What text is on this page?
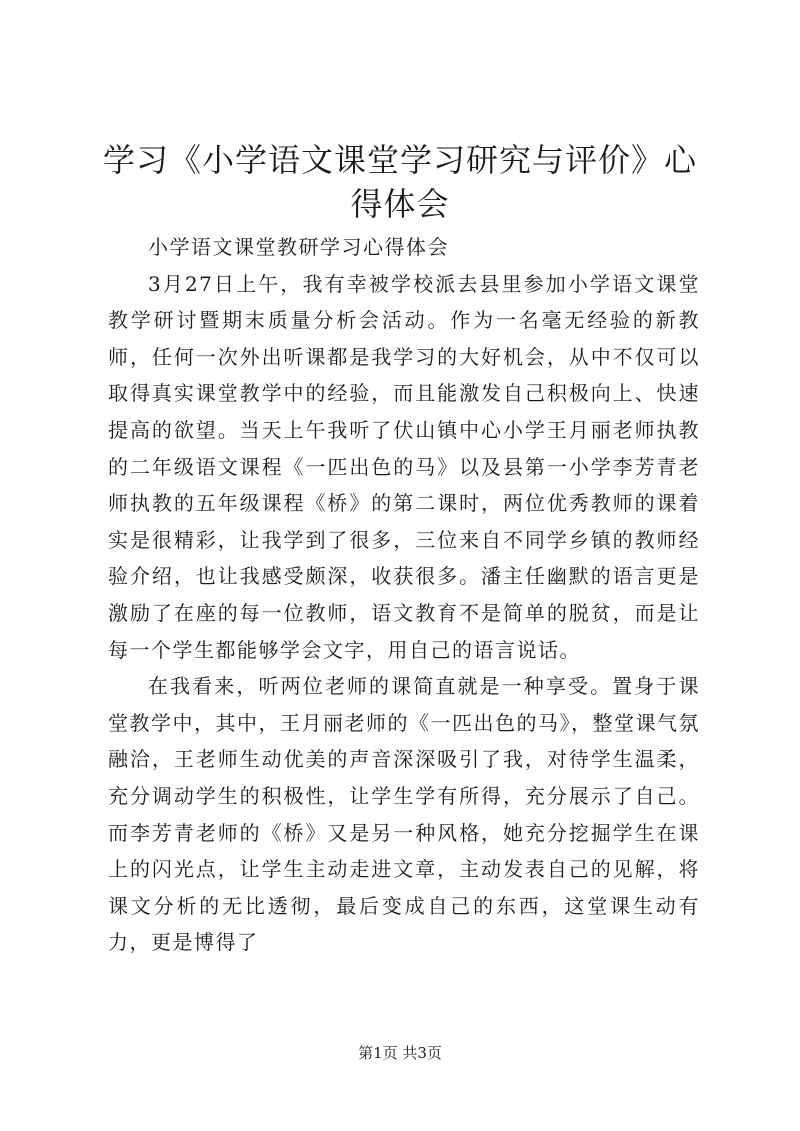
学习《小学语文课堂学习研究与评价》心得体会

小学语文课堂教研学习心得体会

3月27日上午，我有幸被学校派去县里参加小学语文课堂教学研讨暨期末质量分析会活动。作为一名毫无经验的新教师，任何一次外出听课都是我学习的大好机会，从中不仅可以取得真实课堂教学中的经验，而且能激发自己积极向上、快速提高的欲望。当天上午我听了伏山镇中心小学王月丽老师执教的二年级语文课程《一匹出色的马》以及县第一小学李芳青老师执教的五年级课程《桥》的第二课时，两位优秀教师的课着实是很精彩，让我学到了很多，三位来自不同学乡镇的教师经验介绍，也让我感受颇深，收获很多。潘主任幽默的语言更是激励了在座的每一位教师，语文教育不是简单的脱贫，而是让每一个学生都能够学会文字，用自己的语言说话。

在我看来，听两位老师的课简直就是一种享受。置身于课堂教学中，其中，王月丽老师的《一匹出色的马》，整堂课气氛融洽，王老师生动优美的声音深深吸引了我，对待学生温柔，充分调动学生的积极性，让学生学有所得，充分展示了自己。而李芳青老师的《桥》又是另一种风格，她充分挖掘学生在课上的闪光点，让学生主动走进文章，主动发表自己的见解，将课文分析的无比透彻，最后变成自己的东西，这堂课生动有力，更是博得了

第1页 共3页
